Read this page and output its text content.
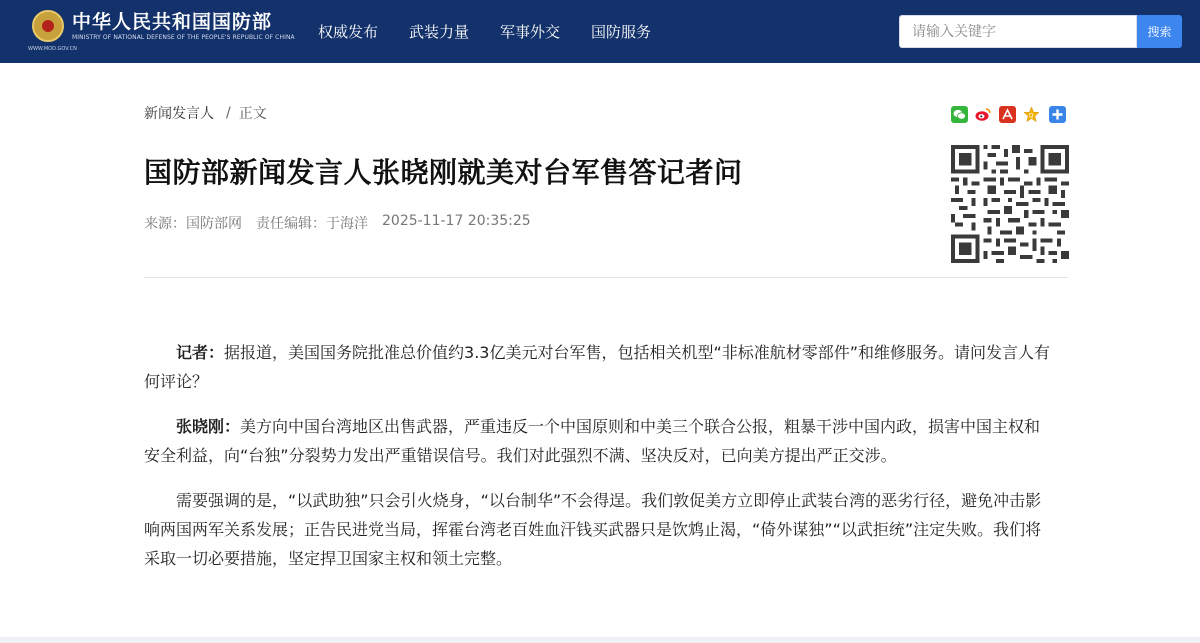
中华人民共和国国防部
MINISTRY OF NATIONAL DEFENSE OF THE PEOPLE'S REPUBLIC OF CHINA
WWW.MOD.GOV.CN
权威发布 武装力量 军事外交 国防服务
请输入关键字	搜索
新闻发言人 / 正文	Q
国防部新闻发言人张晓刚就美对台军售答记者问
来源：国防部网 责任编辑：于海洋 2025-11-17 20:35:25

记者：据报道，美国国务院批准总价值约3.3亿美元对台军售，包括相关机型“非标准航材零部件”和维修服务。请问发言人有何评论？

张晓刚：美方向中国台湾地区出售武器，严重违反一个中国原则和中美三个联合公报，粗暴干涉中国内政，损害中国主权和安全利益，向“台独”分裂势力发出严重错误信号。我们对此强烈不满、坚决反对，已向美方提出严正交涉。

需要强调的是，“以武助独”只会引火烧身，“以台制华”不会得逞。我们敦促美方立即停止武装台湾的恶劣行径，避免冲击影响两国两军关系发展；正告民进党当局，挥霍台湾老百姓血汗钱买武器只是饮鸩止渴，“倚外谋独”“以武拒统”注定失败。我们将采取一切必要措施，坚定捍卫国家主权和领土完整。
